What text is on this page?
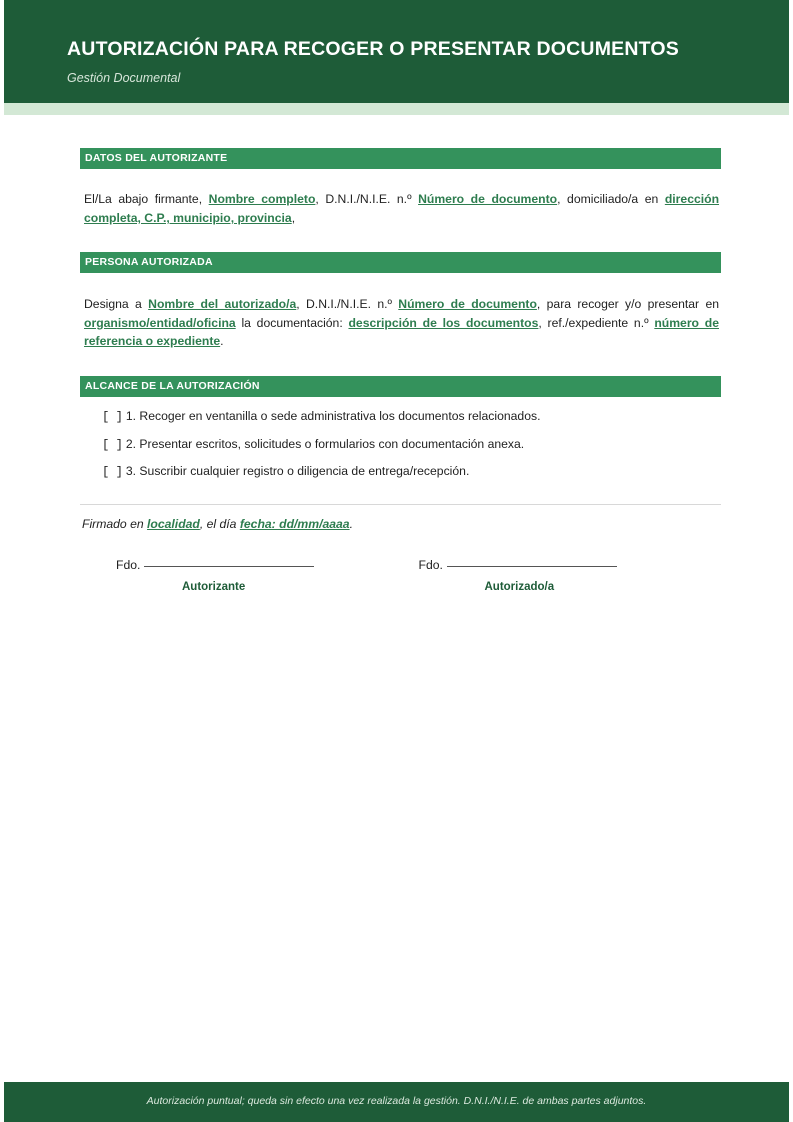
AUTORIZACIÓN PARA RECOGER O PRESENTAR DOCUMENTOS
Gestión Documental
DATOS DEL AUTORIZANTE

El/La abajo firmante, Nombre completo, D.N.I./N.I.E. n.º Número de documento, domiciliado/a en dirección completa, C.P., municipio, provincia,

PERSONA AUTORIZADA

Designa a Nombre del autorizado/a, D.N.I./N.I.E. n.º Número de documento, para recoger y/o presentar en organismo/entidad/oficina la documentación: descripción de los documentos, ref./expediente n.º número de referencia o expediente.

ALCANCE DE LA AUTORIZACIÓN
[ ] 1. Recoger en ventanilla o sede administrativa los documentos relacionados.
[ ] 2. Presentar escritos, solicitudes o formularios con documentación anexa.
[ ] 3. Suscribir cualquier registro o diligencia de entrega/recepción.
Firmado en localidad, el día fecha: dd/mm/aaaa.
Fdo.
Autorizante
Fdo.
Autorizado/a
Autorización puntual; queda sin efecto una vez realizada la gestión. D.N.I./N.I.E. de ambas partes adjuntos.
